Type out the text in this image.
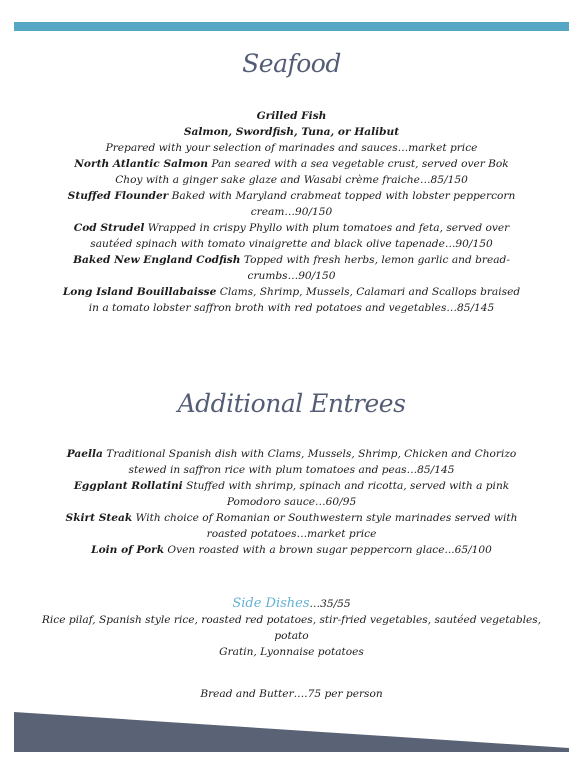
Seafood

Grilled Fish

Salmon, Swordfish, Tuna, or Halibut

Prepared with your selection of marinades and sauces…market price

North Atlantic Salmon Pan seared with a sea vegetable crust, served over Bok Choy with a ginger sake glaze and Wasabi crème fraiche…85/150

Stuffed Flounder Baked with Maryland crabmeat topped with lobster peppercorn cream…90/150

Cod Strudel Wrapped in crispy Phyllo with plum tomatoes and feta, served over sautéed spinach with tomato vinaigrette and black olive tapenade…90/150

Baked New England Codfish Topped with fresh herbs, lemon garlic and bread-crumbs…90/150

Long Island Bouillabaisse Clams, Shrimp, Mussels, Calamari and Scallops braised in a tomato lobster saffron broth with red potatoes and vegetables…85/145

Additional Entrees

Paella Traditional Spanish dish with Clams, Mussels, Shrimp, Chicken and Chorizo stewed in saffron rice with plum tomatoes and peas…85/145

Eggplant Rollatini Stuffed with shrimp, spinach and ricotta, served with a pink Pomodoro sauce…60/95

Skirt Steak With choice of Romanian or Southwestern style marinades served with roasted potatoes…market price

Loin of Pork Oven roasted with a brown sugar peppercorn glace...65/100

Side Dishes…35/55

Rice pilaf, Spanish style rice, roasted red potatoes, stir-fried vegetables, sautéed vegetables, potato

Gratin, Lyonnaise potatoes

Bread and Butter….75 per person
